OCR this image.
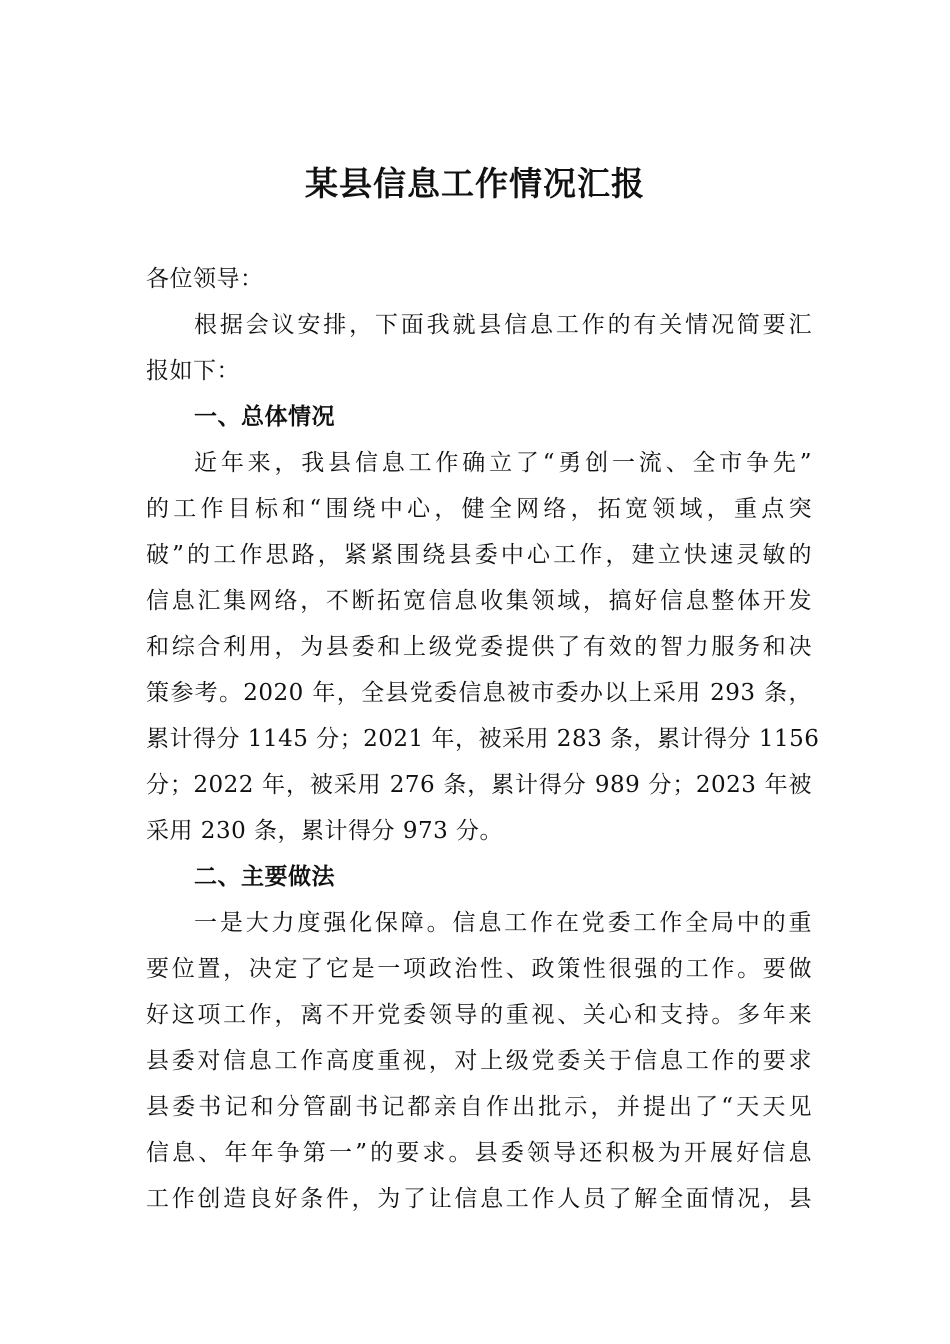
某县信息工作情况汇报
各位领导：
根据会议安排，下面我就县信息工作的有关情况简要汇
报如下：
一、总体情况
近年来，我县信息工作确立了“勇创一流、全市争先”
的工作目标和“围绕中心，健全网络，拓宽领域，重点突
破”的工作思路，紧紧围绕县委中心工作，建立快速灵敏的
信息汇集网络，不断拓宽信息收集领域，搞好信息整体开发
和综合利用，为县委和上级党委提供了有效的智力服务和决
策参考。2020 年，全县党委信息被市委办以上采用 293 条，
累计得分 1145 分；2021 年，被采用 283 条，累计得分 1156
分；2022 年，被采用 276 条，累计得分 989 分；2023 年被
采用 230 条，累计得分 973 分。
二、主要做法
一是大力度强化保障。信息工作在党委工作全局中的重
要位置，决定了它是一项政治性、政策性很强的工作。要做
好这项工作，离不开党委领导的重视、关心和支持。多年来
县委对信息工作高度重视，对上级党委关于信息工作的要求
县委书记和分管副书记都亲自作出批示，并提出了“天天见
信息、年年争第一”的要求。县委领导还积极为开展好信息
工作创造良好条件，为了让信息工作人员了解全面情况，县
